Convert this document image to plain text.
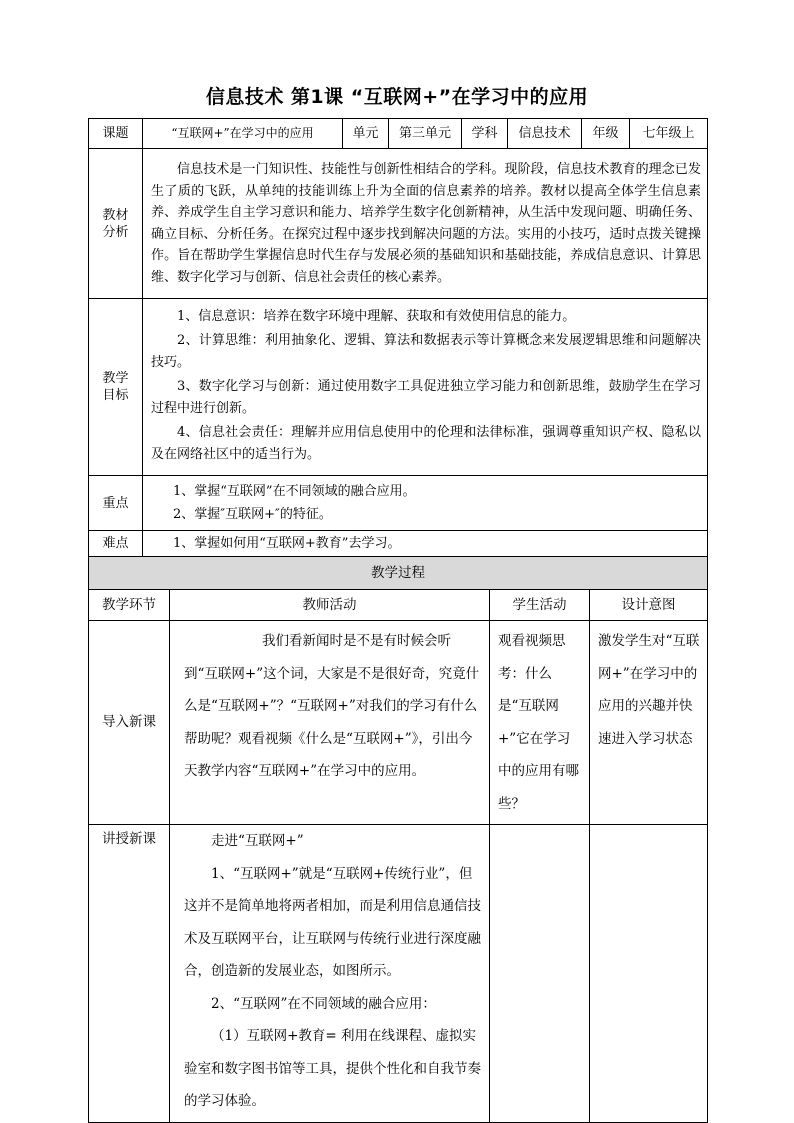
信息技术 第1课 “互联网+”在学习中的应用
课题	“互联网+”在学习中的应用	单元	第三单元	学科	信息技术	年级	七年级上
教材分析	信息技术是一门知识性、技能性与创新性相结合的学科。现阶段，信息技术教育的理念已发生了质的飞跃，从单纯的技能训练上升为全面的信息素养的培养。教材以提高全体学生信息素养、养成学生自主学习意识和能力、培养学生数字化创新精神，从生活中发现问题、明确任务、确立目标、分析任务。在探究过程中逐步找到解决问题的方法。实用的小技巧，适时点拨关键操作。旨在帮助学生掌握信息时代生存与发展必须的基础知识和基础技能，养成信息意识、计算思维、数字化学习与创新、信息社会责任的核心素养。						
教学目标	1、信息意识：培养在数字环境中理解、获取和有效使用信息的能力。

2、计算思维：利用抽象化、逻辑、算法和数据表示等计算概念来发展逻辑思维和问题解决技巧。

3、数字化学习与创新：通过使用数字工具促进独立学习能力和创新思维，鼓励学生在学习过程中进行创新。

4、信息社会责任：理解并应用信息使用中的伦理和法律标准，强调尊重知识产权、隐私以及在网络社区中的适当行为。						

重点	1、掌握“互联网”在不同领域的融合应用。
2、掌握″互联网+″的特征。						

难点	1、掌握如何用“互联网+教育”去学习。						
教学过程			
教学环节	教师活动	学生活动	设计意图
导入新课	我们看新闻时是不是有时候会听到“互联网+”这个词，大家是不是很好奇，究竟什么是“互联网+”？“互联网+”对我们的学习有什么帮助呢？观看视频《什么是“互联网+”》，引出今天教学内容“互联网+”在学习中的应用。	观看视频思考：什么是“互联网+”它在学习中的应用有哪些？	激发学生对“互联网+”在学习中的应用的兴趣并快速进入学习状态
讲授新课	走进“互联网+”

1、“互联网+”就是“互联网+传统行业”，但这并不是简单地将两者相加，而是利用信息通信技术及互联网平台，让互联网与传统行业进行深度融合，创造新的发展业态，如图所示。

2、“互联网”在不同领域的融合应用：

（1）互联网+教育= 利用在线课程、虚拟实验室和数字图书馆等工具，提供个性化和自我节奏的学习体验。		
